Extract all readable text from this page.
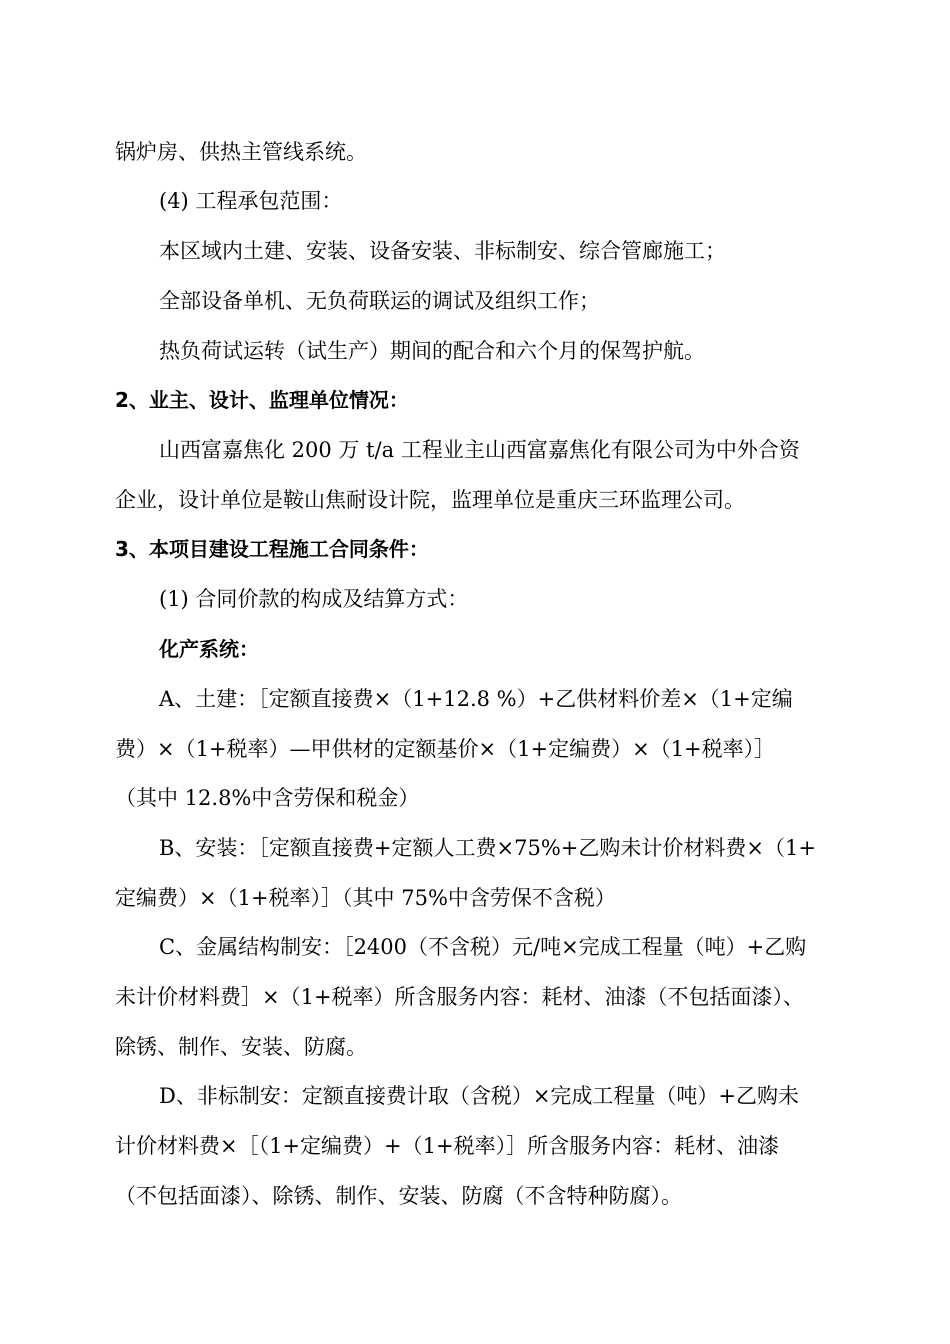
锅炉房、供热主管线系统。
(4) 工程承包范围：
本区域内土建、安装、设备安装、非标制安、综合管廊施工；
全部设备单机、无负荷联运的调试及组织工作；
热负荷试运转（试生产）期间的配合和六个月的保驾护航。
2、业主、设计、监理单位情况：
山西富嘉焦化 200 万 t/a 工程业主山西富嘉焦化有限公司为中外合资
企业，设计单位是鞍山焦耐设计院，监理单位是重庆三环监理公司。
3、本项目建设工程施工合同条件：
(1) 合同价款的构成及结算方式：
化产系统：
A、土建：［定额直接费×（1+12.8 %）+乙供材料价差×（1+定编
费）×（1+税率）—甲供材的定额基价×（1+定编费）×（1+税率）］
（其中 12.8%中含劳保和税金）
B、安装：［定额直接费+定额人工费×75%+乙购未计价材料费×（1+
定编费）×（1+税率）］（其中 75%中含劳保不含税）
C、金属结构制安：［2400（不含税）元/吨×完成工程量（吨）+乙购
未计价材料费］×（1+税率）所含服务内容：耗材、油漆（不包括面漆）、
除锈、制作、安装、防腐。
D、非标制安：定额直接费计取（含税）×完成工程量（吨）+乙购未
计价材料费×［（1+定编费）+（1+税率）］所含服务内容：耗材、油漆
（不包括面漆）、除锈、制作、安装、防腐（不含特种防腐）。
